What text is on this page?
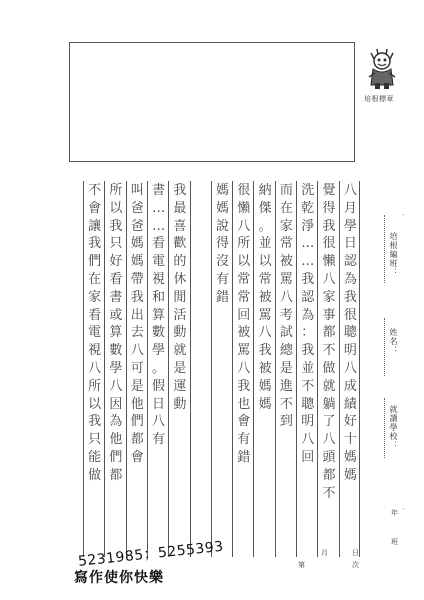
培根標章
八
月
學
日
認
為
我
很
聰
明
八
成
績
好
十
媽
媽
覺
得
我
很
懶
八
家
事
都
不
做
就
躺
了
八
頭
都
不
洗
乾
淨
…
…
我
認
為
：
我
並
不
聰
明
八
回
而
在
家
常
被
罵
八
考
試
總
是
進
不
到
納
傑
。
並
以
常
被
罵
八
我
被
媽
媽
很
懶
八
所
以
常
常
回
被
罵
八
我
也
會
有
錯
媽
媽
說
得
沒
有
錯
我
最
喜
歡
的
休
閒
活
動
就
是
運
動
書
…
…
看
電
視
和
算
數
學
。
假
日
八
有
叫
爸
爸
媽
媽
帶
我
出
去
八
可
是
他
們
都
會
所
以
我
只
好
看
書
或
算
數
學
八
因
為
他
們
都
不
會
讓
我
們
在
家
看
電
視
八
所
以
我
只
能
做
培根編班：
姓名：
就讀學校：
年
班
第
月	日
次
-
-
5231985；5255393
寫作使你快樂
